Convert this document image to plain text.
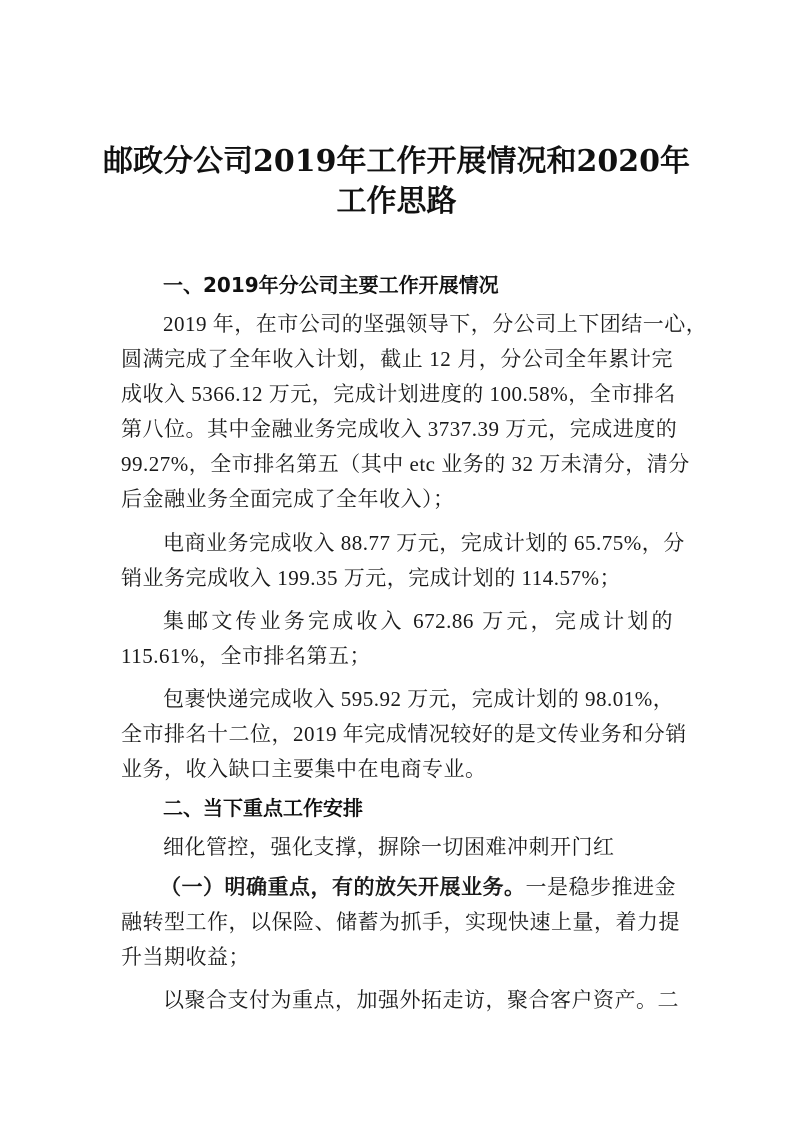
邮政分公司2019年工作开展情况和2020年
工作思路
一、2019年分公司主要工作开展情况
2019 年，在市公司的坚强领导下，分公司上下团结一心，
圆满完成了全年收入计划，截止 12 月，分公司全年累计完
成收入 5366.12 万元，完成计划进度的 100.58%，全市排名
第八位。其中金融业务完成收入 3737.39 万元，完成进度的
99.27%，全市排名第五（其中 etc 业务的 32 万未清分，清分
后金融业务全面完成了全年收入）；
电商业务完成收入 88.77 万元，完成计划的 65.75%，分
销业务完成收入 199.35 万元，完成计划的 114.57%；
集邮文传业务完成收入 672.86 万元，完成计划的
115.61%，全市排名第五；
包裹快递完成收入 595.92 万元，完成计划的 98.01%，
全市排名十二位，2019 年完成情况较好的是文传业务和分销
业务，收入缺口主要集中在电商专业。
二、当下重点工作安排
细化管控，强化支撑，摒除一切困难冲刺开门红
（一）明确重点，有的放矢开展业务。一是稳步推进金
融转型工作，以保险、储蓄为抓手，实现快速上量，着力提
升当期收益；
以聚合支付为重点，加强外拓走访，聚合客户资产。二
